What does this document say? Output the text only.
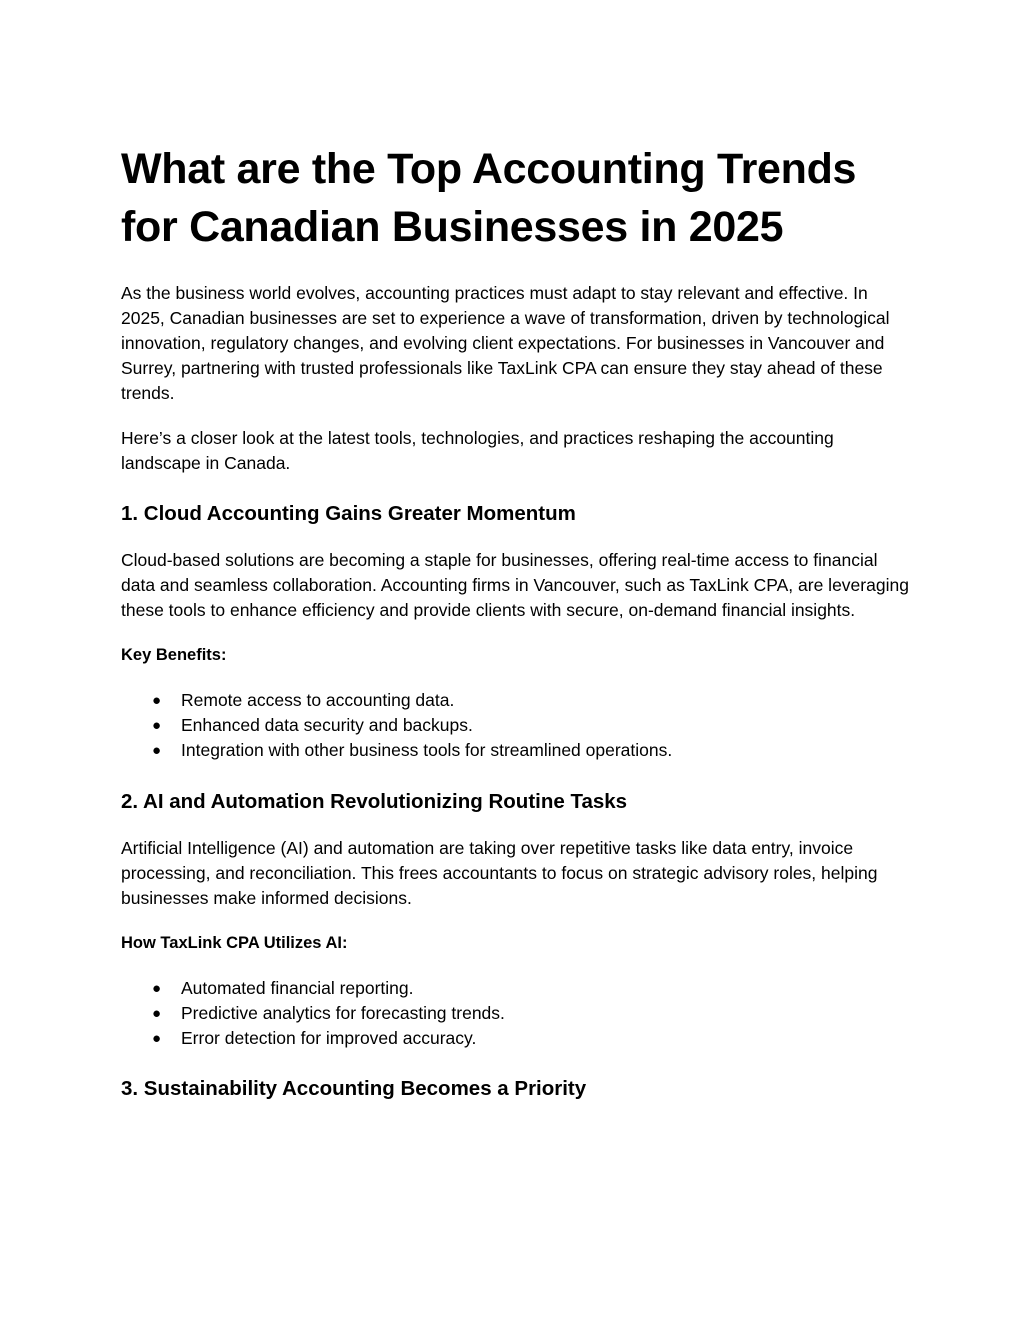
What are the Top Accounting Trends for Canadian Businesses in 2025

As the business world evolves, accounting practices must adapt to stay relevant and effective. In 2025, Canadian businesses are set to experience a wave of transformation, driven by technological innovation, regulatory changes, and evolving client expectations. For businesses in Vancouver and Surrey, partnering with trusted professionals like TaxLink CPA can ensure they stay ahead of these trends.

Here’s a closer look at the latest tools, technologies, and practices reshaping the accounting landscape in Canada.

1. Cloud Accounting Gains Greater Momentum

Cloud-based solutions are becoming a staple for businesses, offering real-time access to financial data and seamless collaboration. Accounting firms in Vancouver, such as TaxLink CPA, are leveraging these tools to enhance efficiency and provide clients with secure, on-demand financial insights.

Key Benefits:
● Remote access to accounting data.
● Enhanced data security and backups.
● Integration with other business tools for streamlined operations.
2. AI and Automation Revolutionizing Routine Tasks

Artificial Intelligence (AI) and automation are taking over repetitive tasks like data entry, invoice processing, and reconciliation. This frees accountants to focus on strategic advisory roles, helping businesses make informed decisions.

How TaxLink CPA Utilizes AI:
● Automated financial reporting.
● Predictive analytics for forecasting trends.
● Error detection for improved accuracy.
3. Sustainability Accounting Becomes a Priority
